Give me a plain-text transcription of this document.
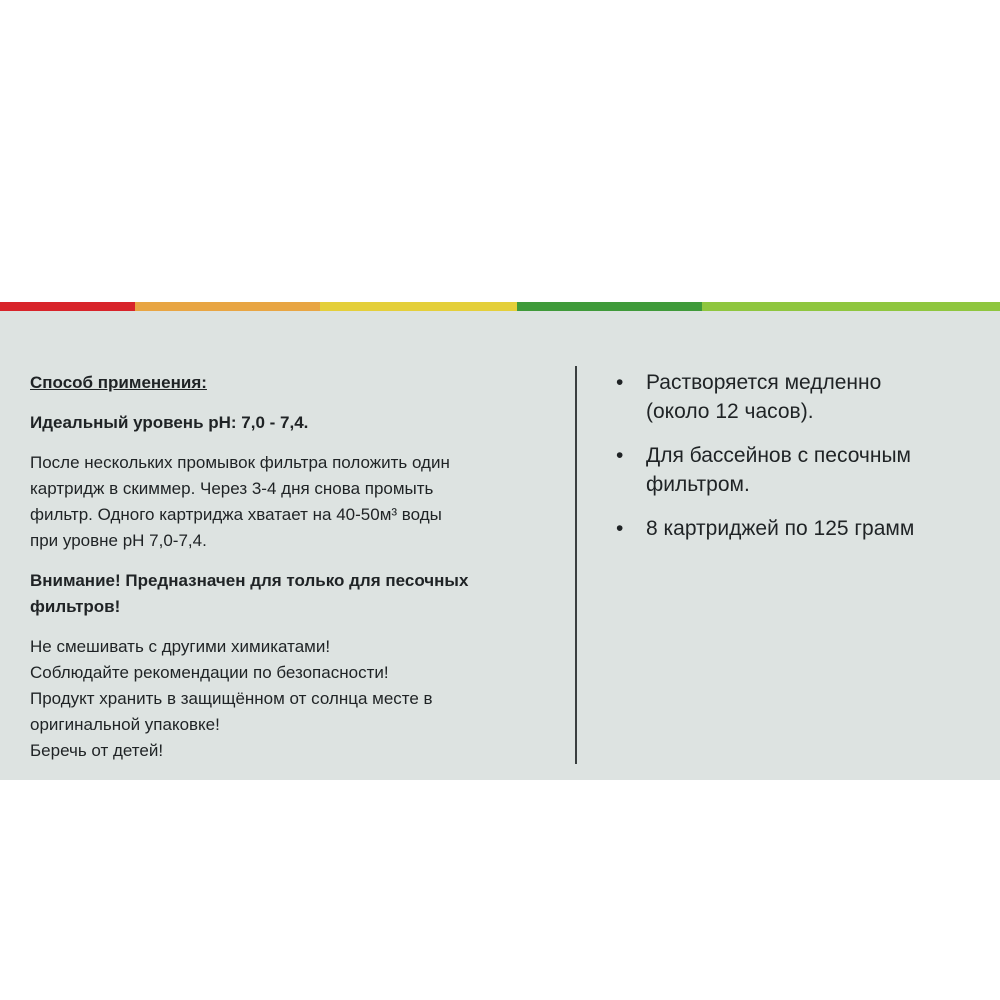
Способ применения:

Идеальный уровень рН: 7,0 - 7,4.

После нескольких промывок фильтра положить один
картридж в скиммер. Через 3-4 дня снова промыть
фильтр. Одного картриджа хватает на 40-50м³ воды
при уровне рН 7,0-7,4.

Внимание! Предназначен для только для песочных
фильтров!

Не смешивать с другими химикатами!
Соблюдайте рекомендации по безопасности!
Продукт хранить в защищённом от солнца месте в
оригинальной упаковке!
Беречь от детей!

• Растворяется медленно
(около 12 часов).
• Для бассейнов с песочным
фильтром.
• 8 картриджей по 125 грамм
